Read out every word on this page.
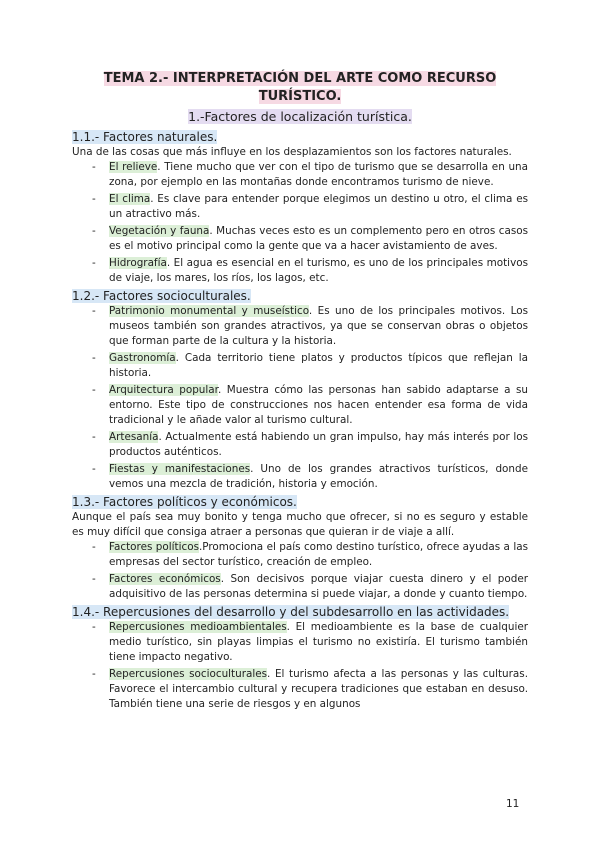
TEMA 2.- INTERPRETACIÓN DEL ARTE COMO RECURSO
TURÍSTICO.

1.-Factores de localización turística.

1.1.- Factores naturales.

Una de las cosas que más influye en los desplazamientos son los factores naturales.

- El relieve. Tiene mucho que ver con el tipo de turismo que se desarrolla en una zona, por ejemplo en las montañas donde encontramos turismo de nieve.
- El clima. Es clave para entender porque elegimos un destino u otro, el clima es un atractivo más.
- Vegetación y fauna. Muchas veces esto es un complemento pero en otros casos es el motivo principal como la gente que va a hacer avistamiento de aves.
- Hidrografía. El agua es esencial en el turismo, es uno de los principales motivos de viaje, los mares, los ríos, los lagos, etc.

1.2.- Factores socioculturales.

- Patrimonio monumental y museístico. Es uno de los principales motivos. Los museos también son grandes atractivos, ya que se conservan obras o objetos que forman parte de la cultura y la historia.
- Gastronomía. Cada territorio tiene platos y productos típicos que reflejan la historia.
- Arquitectura popular. Muestra cómo las personas han sabido adaptarse a su entorno. Este tipo de construcciones nos hacen entender esa forma de vida tradicional y le añade valor al turismo cultural.
- Artesanía. Actualmente está habiendo un gran impulso, hay más interés por los productos auténticos.
- Fiestas y manifestaciones. Uno de los grandes atractivos turísticos, donde vemos una mezcla de tradición, historia y emoción.

1.3.- Factores políticos y económicos.

Aunque el país sea muy bonito y tenga mucho que ofrecer, si no es seguro y estable es muy difícil que consiga atraer a personas que quieran ir de viaje a allí.

- Factores políticos.Promociona el país como destino turístico, ofrece ayudas a las empresas del sector turístico, creación de empleo.
- Factores económicos. Son decisivos porque viajar cuesta dinero y el poder adquisitivo de las personas determina si puede viajar, a donde y cuanto tiempo.

1.4.- Repercusiones del desarrollo y del subdesarrollo en las actividades.

- Repercusiones medioambientales. El medioambiente es la base de cualquier medio turístico, sin playas limpias el turismo no existiría. El turismo también tiene impacto negativo.
- Repercusiones socioculturales. El turismo afecta a las personas y las culturas. Favorece el intercambio cultural y recupera tradiciones que estaban en desuso. También tiene una serie de riesgos y en algunos
11
